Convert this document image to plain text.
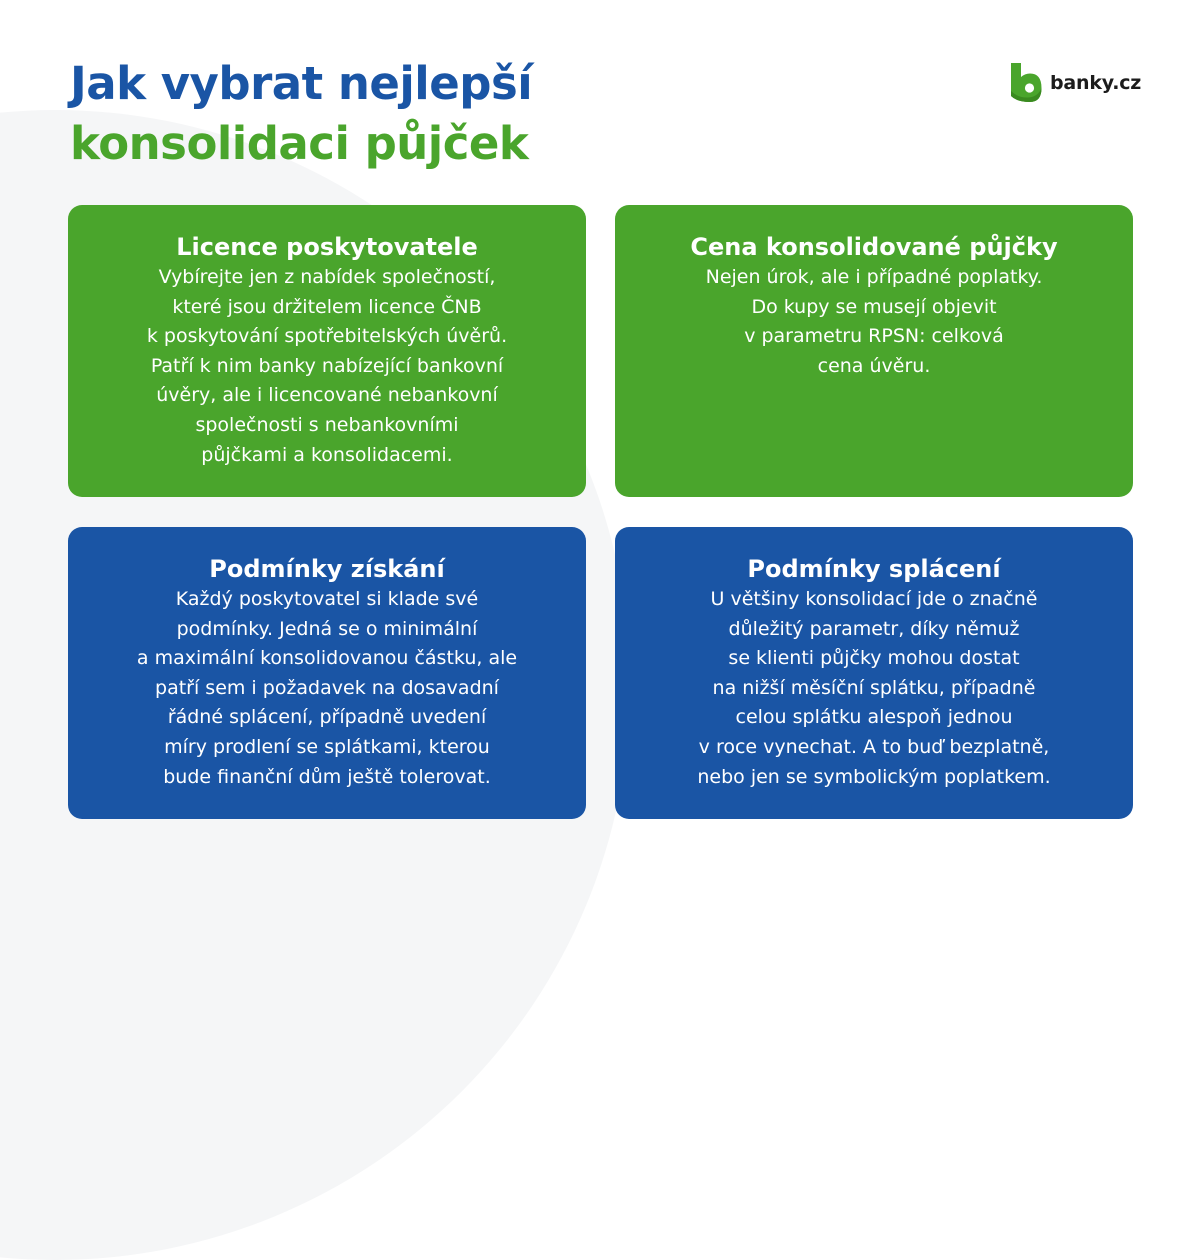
Jak vybrat nejlepší
konsolidaci půjček
banky.cz
Licence poskytovatele
Vybírejte jen z nabídek společností,
které jsou držitelem licence ČNB
k poskytování spotřebitelských úvěrů.
Patří k nim banky nabízející bankovní
úvěry, ale i licencované nebankovní
společnosti s nebankovními
půjčkami a konsolidacemi.
Cena konsolidované půjčky
Nejen úrok, ale i případné poplatky.
Do kupy se musejí objevit
v parametru RPSN: celková
cena úvěru.
Podmínky získání
Každý poskytovatel si klade své
podmínky. Jedná se o minimální
a maximální konsolidovanou částku, ale
patří sem i požadavek na dosavadní
řádné splácení, případně uvedení
míry prodlení se splátkami, kterou
bude finanční dům ještě tolerovat.
Podmínky splácení
U většiny konsolidací jde o značně
důležitý parametr, díky němuž
se klienti půjčky mohou dostat
na nižší měsíční splátku, případně
celou splátku alespoň jednou
v roce vynechat. A to buď bezplatně,
nebo jen se symbolickým poplatkem.
